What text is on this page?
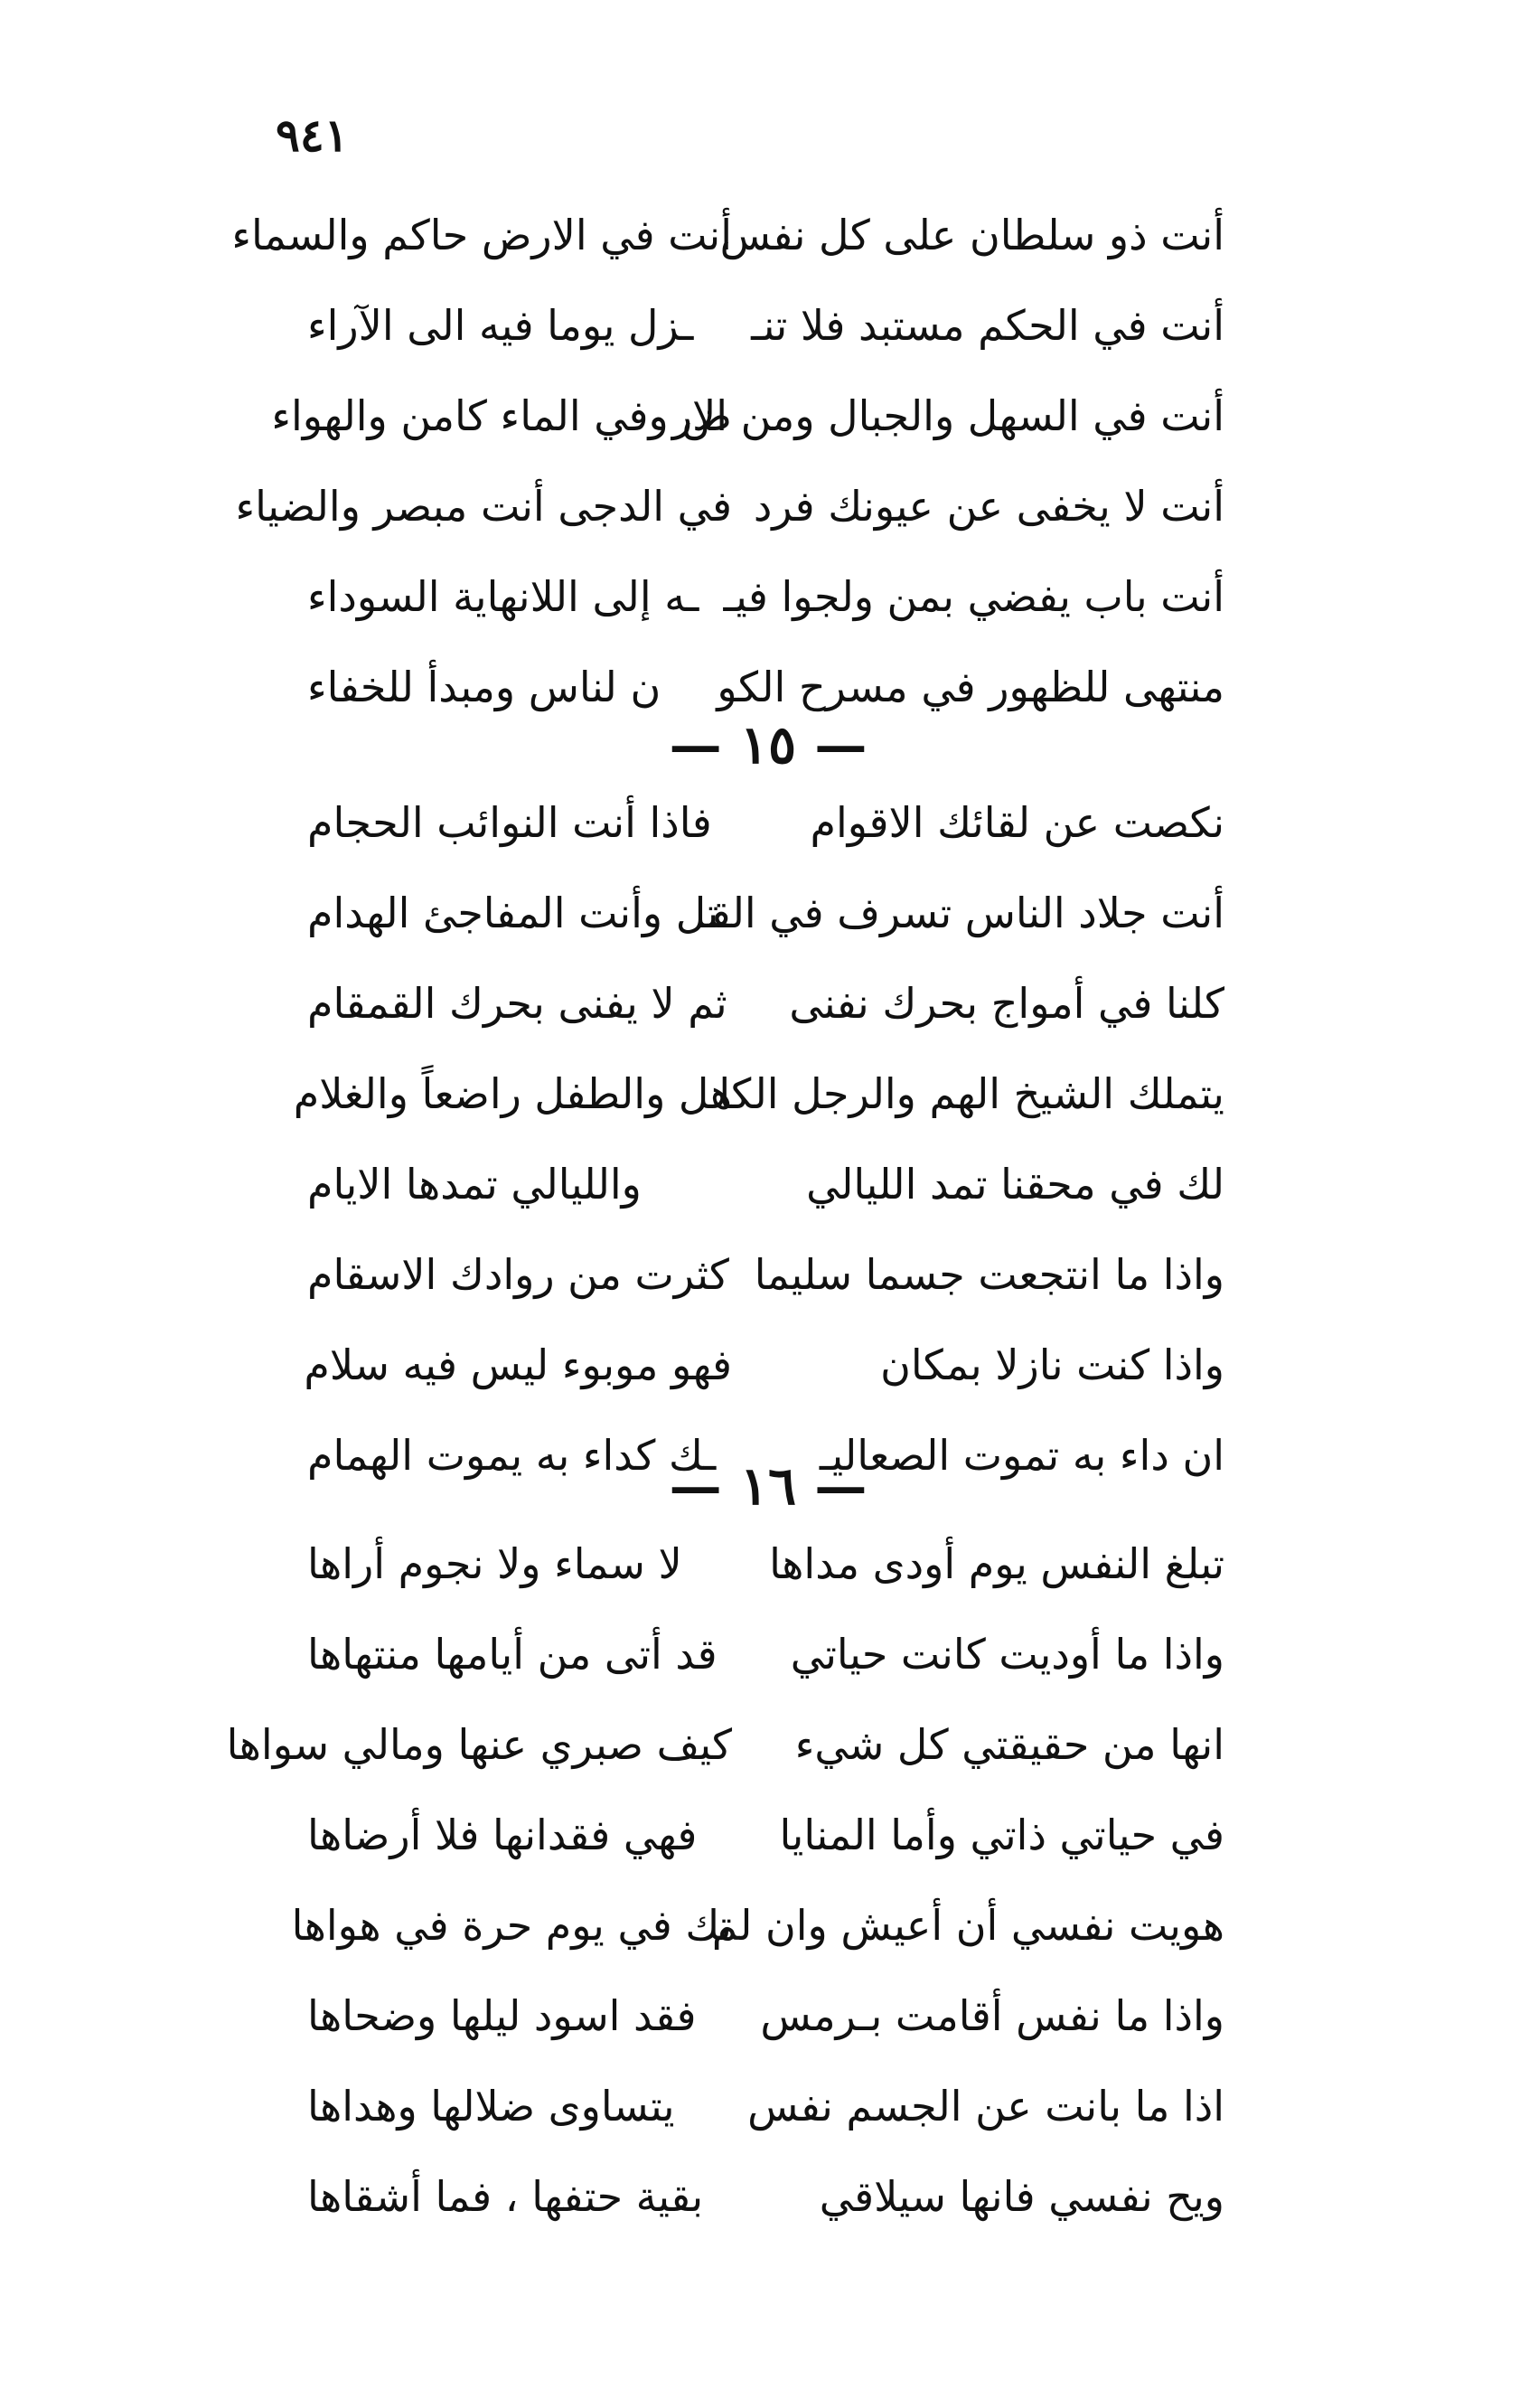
٩٤١
أنت ذو سلطان على كل نفس
أنت في الارض حاكم والسماء
أنت في الحكم مستبد فلا تنـ
ـزل يوما فيه الى الآراء
أنت في السهل والجبال ومن الار
ض وفي الماء كامن والهواء
أنت لا يخفى عن عيونك فرد
في الدجى أنت مبصر والضياء
أنت باب يفضي بمن ولجوا فيـ
ـه إلى اللانهاية السوداء
منتهى للظهور في مسرح الكو
ن لناس ومبدأ للخفاء
— ١٥ —
نكصت عن لقائك الاقوام
فاذا أنت النوائب الحجام
أنت جلاد الناس تسرف في القـ
ـتل وأنت المفاجئ الهدام
كلنا في أمواج بحرك نفنى
ثم لا يفنى بحرك القمقام
يتملك الشيخ الهم والرجل الكا
هل والطفل راضعاً والغلام
لك في محقنا تمد الليالي
والليالي تمدها الايام
واذا ما انتجعت جسما سليما
كثرت من روادك الاسقام
واذا كنت نازلا بمكان
فهو موبوء ليس فيه سلام
ان داء به تموت الصعاليـ
ـك كداء به يموت الهمام
— ١٦ —
تبلغ النفس يوم أودى مداها
لا سماء ولا نجوم أراها
واذا ما أوديت كانت حياتي
قد أتى من أيامها منتهاها
انها من حقيقتي كل شيء
كيف صبري عنها ومالي سواها
في حياتي ذاتي وأما المنايا
فهي فقدانها فلا أرضاها
هويت نفسي أن أعيش وان لم
تك في يوم حرة في هواها
واذا ما نفس أقامت بـرمس
فقد اسود ليلها وضحاها
اذا ما بانت عن الجسم نفس
يتساوى ضلالها وهداها
ويح نفسي فانها سيلاقي
بقية حتفها ، فما أشقاها
